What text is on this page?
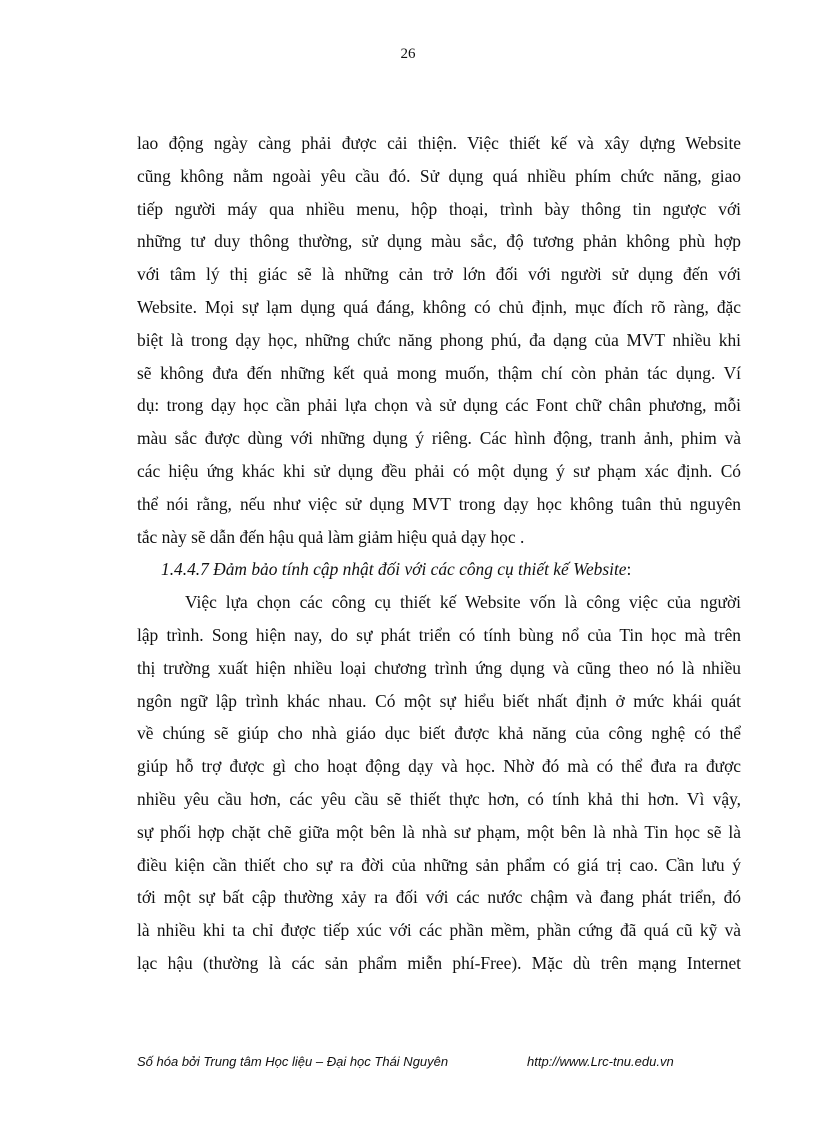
26
lao động ngày càng phải được cải thiện. Việc thiết kế và xây dựng Website
cũng không nằm ngoài yêu cầu đó. Sử dụng quá nhiều phím chức năng, giao
tiếp người máy qua nhiều menu, hộp thoại, trình bày thông tin ngược với
những tư duy thông thường, sử dụng màu sắc, độ tương phản không phù hợp
với tâm lý thị giác sẽ là những cản trở lớn đối với người sử dụng đến với
Website. Mọi sự lạm dụng quá đáng, không có chủ định, mục đích rõ ràng, đặc
biệt là trong dạy học, những chức năng phong phú, đa dạng của MVT nhiều khi
sẽ không đưa đến những kết quả mong muốn, thậm chí còn phản tác dụng. Ví
dụ: trong dạy học cần phải lựa chọn và sử dụng các Font chữ chân phương, mỗi
màu sắc được dùng với những dụng ý riêng. Các hình động, tranh ảnh, phim và
các hiệu ứng khác khi sử dụng đều phải có một dụng ý sư phạm xác định. Có
thể nói rằng, nếu như việc sử dụng MVT trong dạy học không tuân thủ nguyên
tắc này sẽ dẫn đến hậu quả làm giảm hiệu quả dạy học .
1.4.4.7 Đảm bảo tính cập nhật đối với các công cụ thiết kế Website:
Việc lựa chọn các công cụ thiết kế Website vốn là công việc của người
lập trình. Song hiện nay, do sự phát triển có tính bùng nổ của Tin học mà trên
thị trường xuất hiện nhiều loại chương trình ứng dụng và cũng theo nó là nhiều
ngôn ngữ lập trình khác nhau. Có một sự hiểu biết nhất định ở mức khái quát
về chúng sẽ giúp cho nhà giáo dục biết được khả năng của công nghệ có thể
giúp hỗ trợ được gì cho hoạt động dạy và học. Nhờ đó mà có thể đưa ra được
nhiều yêu cầu hơn, các yêu cầu sẽ thiết thực hơn, có tính khả thi hơn. Vì vậy,
sự phối hợp chặt chẽ giữa một bên là nhà sư phạm, một bên là nhà Tin học sẽ là
điều kiện cần thiết cho sự ra đời của những sản phẩm có giá trị cao. Cần lưu ý
tới một sự bất cập thường xảy ra đối với các nước chậm và đang phát triển, đó
là nhiều khi ta chỉ được tiếp xúc với các phần mềm, phần cứng đã quá cũ kỹ và
lạc hậu (thường là các sản phẩm miễn phí-Free). Mặc dù trên mạng Internet
Số hóa bởi Trung tâm Học liệu – Đại học Thái Nguyên	http://www.Lrc-tnu.edu.vn
